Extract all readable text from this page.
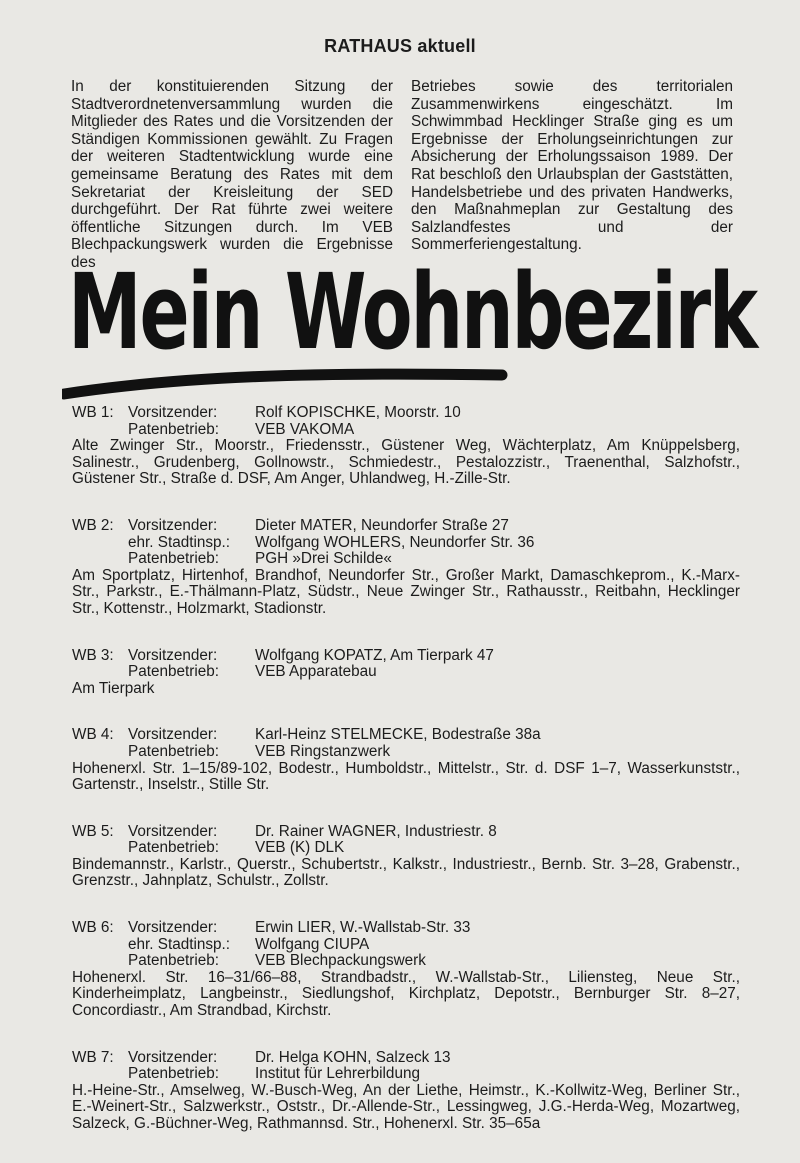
RATHAUS aktuell
In der konstituierenden Sitzung der Stadtverordnetenversammlung wurden die Mitglieder des Rates und die Vorsitzenden der Ständigen Kommissionen gewählt. Zu Fragen der weiteren Stadtentwicklung wurde eine gemeinsame Beratung des Rates mit dem Sekretariat der Kreisleitung der SED durchgeführt. Der Rat führte zwei weitere öffentliche Sitzungen durch. Im VEB Blechpackungswerk wurden die Ergebnisse des
Betriebes sowie des territorialen Zusammenwirkens eingeschätzt. Im Schwimmbad Hecklinger Straße ging es um Ergebnisse der Erholungseinrichtungen zur Absicherung der Erholungssaison 1989. Der Rat beschloß den Urlaubsplan der Gaststätten, Handelsbetriebe und des privaten Handwerks, den Maßnahmeplan zur Gestaltung des Salzlandfestes und der Sommerferiengestaltung.
Mein Wohnbezirk
WB 1: Vorsitzender:	Rolf KOPISCHKE, Moorstr. 10
Patenbetrieb:	VEB VAKOMA
Alte Zwinger Str., Moorstr., Friedensstr., Güstener Weg, Wächterplatz, Am Knüppelsberg, Salinestr., Grudenberg, Gollnowstr., Schmiedestr., Pestalozzistr., Traenenthal, Salzhofstr., Güstener Str., Straße d. DSF, Am Anger, Uhlandweg, H.-Zille-Str.
WB 2: Vorsitzender:	Dieter MATER, Neundorfer Straße 27
ehr. Stadtinsp.:	Wolfgang WOHLERS, Neundorfer Str. 36
Patenbetrieb:	PGH »Drei Schilde«
Am Sportplatz, Hirtenhof, Brandhof, Neundorfer Str., Großer Markt, Damaschkeprom., K.-Marx-Str., Parkstr., E.-Thälmann-Platz, Südstr., Neue Zwinger Str., Rathausstr., Reitbahn, Hecklinger Str., Kottenstr., Holzmarkt, Stadionstr.
WB 3: Vorsitzender:	Wolfgang KOPATZ, Am Tierpark 47
Patenbetrieb:	VEB Apparatebau
Am Tierpark
WB 4: Vorsitzender:	Karl-Heinz STELMECKE, Bodestraße 38a
Patenbetrieb:	VEB Ringstanzwerk
Hohenerxl. Str. 1–15/89-102, Bodestr., Humboldstr., Mittelstr., Str. d. DSF 1–7, Wasserkunststr., Gartenstr., Inselstr., Stille Str.
WB 5: Vorsitzender:	Dr. Rainer WAGNER, Industriestr. 8
Patenbetrieb:	VEB (K) DLK
Bindemannstr., Karlstr., Querstr., Schubertstr., Kalkstr., Industriestr., Bernb. Str. 3–28, Grabenstr., Grenzstr., Jahnplatz, Schulstr., Zollstr.
WB 6: Vorsitzender:	Erwin LIER, W.-Wallstab-Str. 33
ehr. Stadtinsp.:	Wolfgang CIUPA
Patenbetrieb:	VEB Blechpackungswerk
Hohenerxl. Str. 16–31/66–88, Strandbadstr., W.-Wallstab-Str., Liliensteg, Neue Str., Kinderheimplatz, Langbeinstr., Siedlungshof, Kirchplatz, Depotstr., Bernburger Str. 8–27, Concordiastr., Am Strandbad, Kirchstr.
WB 7: Vorsitzender:	Dr. Helga KOHN, Salzeck 13
Patenbetrieb:	Institut für Lehrerbildung
H.-Heine-Str., Amselweg, W.-Busch-Weg, An der Liethe, Heimstr., K.-Kollwitz-Weg, Berliner Str., E.-Weinert-Str., Salzwerkstr., Oststr., Dr.-Allende-Str., Lessingweg, J.G.-Herda-Weg, Mozartweg, Salzeck, G.-Büchner-Weg, Rathmannsd. Str., Hohenerxl. Str. 35–65a
